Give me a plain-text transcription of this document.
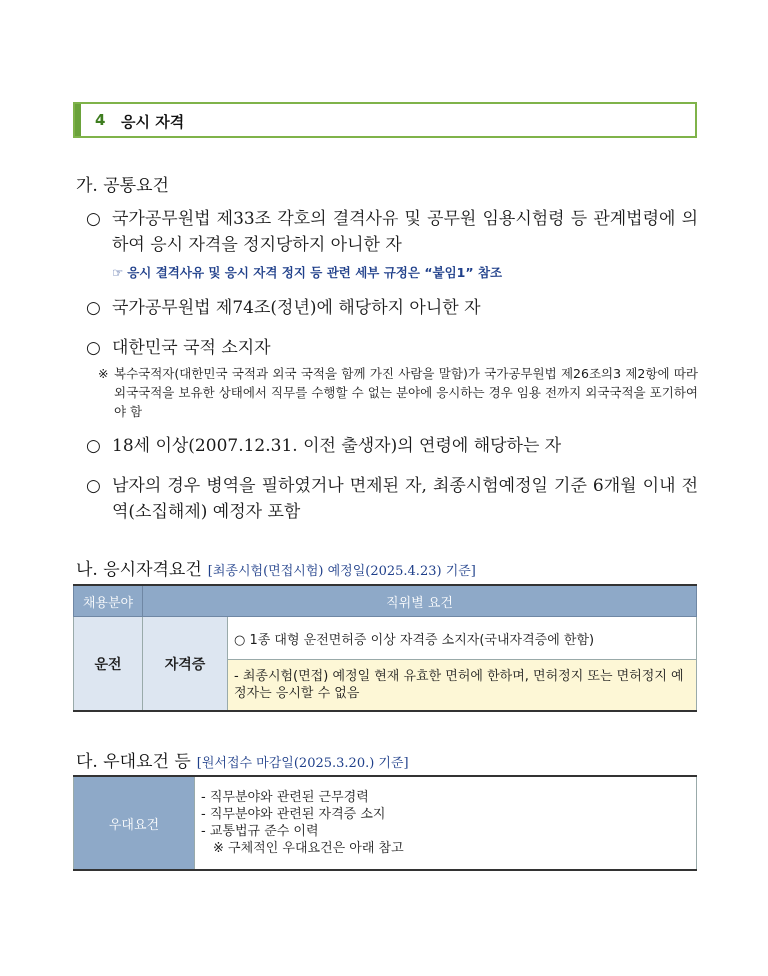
4 응시 자격
가. 공통요건
○ 국가공무원법 제33조 각호의 결격사유 및 공무원 임용시험령 등 관계법령에 의하여 응시 자격을 정지당하지 아니한 자
☞ 응시 결격사유 및 응시 자격 정지 등 관련 세부 규정은 “붙임1” 참조
○ 국가공무원법 제74조(정년)에 해당하지 아니한 자
○ 대한민국 국적 소지자
※ 복수국적자(대한민국 국적과 외국 국적을 함께 가진 사람을 말함)가 국가공무원법 제26조의3 제2항에 따라 외국국적을 보유한 상태에서 직무를 수행할 수 없는 분야에 응시하는 경우 임용 전까지 외국국적을 포기하여야 함
○ 18세 이상(2007.12.31. 이전 출생자)의 연령에 해당하는 자
○ 남자의 경우 병역을 필하였거나 면제된 자, 최종시험예정일 기준 6개월 이내 전역(소집해제) 예정자 포함
나. 응시자격요건 [최종시험(면접시험) 예정일(2025.4.23) 기준]
채용분야	직위별 요건	
운전	자격증	○ 1종 대형 운전면허증 이상 자격증 소지자(국내자격증에 한함)
		- 최종시험(면접) 예정일 현재 유효한 면허에 한하며, 면허정지 또는 면허정지 예정자는 응시할 수 없음
다. 우대요건 등 [원서접수 마감일(2025.3.20.) 기준]
우대요건	
- 직무분야와 관련된 근무경력
- 직무분야와 관련된 자격증 소지
- 교통법규 준수 이력
※ 구체적인 우대요건은 아래 참고
